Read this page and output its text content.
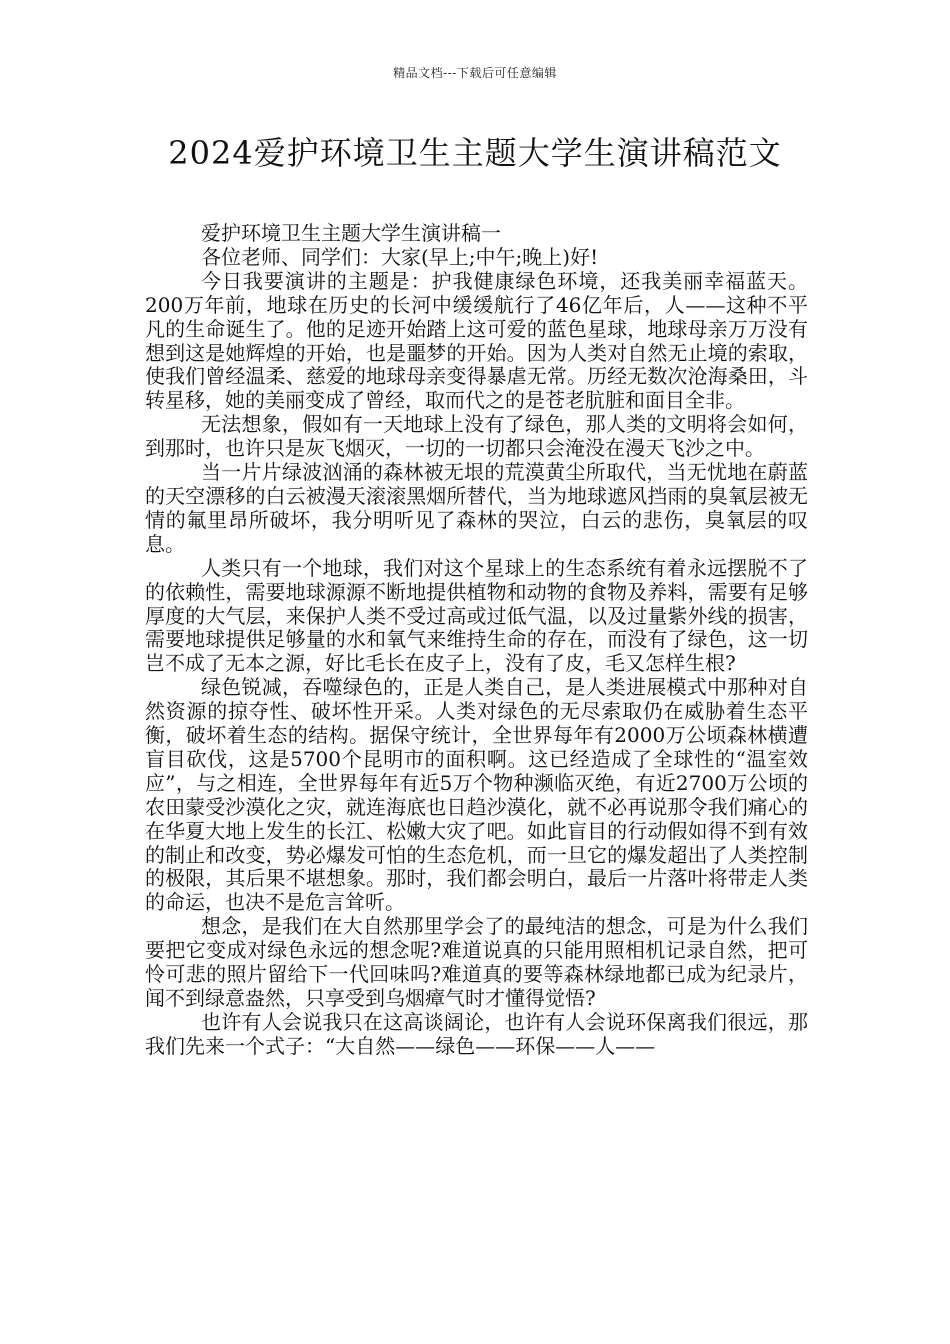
精品文档---下载后可任意编辑
2024爱护环境卫生主题大学生演讲稿范文

爱护环境卫生主题大学生演讲稿一

各位老师、同学们：大家(早上;中午;晚上)好!

今日我要演讲的主题是：护我健康绿色环境，还我美丽幸福蓝天。200万年前，地球在历史的长河中缓缓航行了46亿年后，人——这种不平凡的生命诞生了。他的足迹开始踏上这可爱的蓝色星球，地球母亲万万没有想到这是她辉煌的开始，也是噩梦的开始。因为人类对自然无止境的索取，使我们曾经温柔、慈爱的地球母亲变得暴虐无常。历经无数次沧海桑田，斗转星移，她的美丽变成了曾经，取而代之的是苍老肮脏和面目全非。

无法想象，假如有一天地球上没有了绿色，那人类的文明将会如何，到那时，也许只是灰飞烟灭，一切的一切都只会淹没在漫天飞沙之中。

当一片片绿波汹涌的森林被无垠的荒漠黄尘所取代，当无忧地在蔚蓝的天空漂移的白云被漫天滚滚黑烟所替代，当为地球遮风挡雨的臭氧层被无情的氟里昂所破坏，我分明听见了森林的哭泣，白云的悲伤，臭氧层的叹息。

人类只有一个地球，我们对这个星球上的生态系统有着永远摆脱不了的依赖性，需要地球源源不断地提供植物和动物的食物及养料，需要有足够厚度的大气层，来保护人类不受过高或过低气温，以及过量紫外线的损害，需要地球提供足够量的水和氧气来维持生命的存在，而没有了绿色，这一切岂不成了无本之源，好比毛长在皮子上，没有了皮，毛又怎样生根?

绿色锐减，吞噬绿色的，正是人类自己，是人类进展模式中那种对自然资源的掠夺性、破坏性开采。人类对绿色的无尽索取仍在威胁着生态平衡，破坏着生态的结构。据保守统计，全世界每年有2000万公顷森林横遭盲目砍伐，这是5700个昆明市的面积啊。这已经造成了全球性的“温室效应”，与之相连，全世界每年有近5万个物种濒临灭绝，有近2700万公顷的农田蒙受沙漠化之灾，就连海底也日趋沙漠化，就不必再说那令我们痛心的在华夏大地上发生的长江、松嫩大灾了吧。如此盲目的行动假如得不到有效的制止和改变，势必爆发可怕的生态危机，而一旦它的爆发超出了人类控制的极限，其后果不堪想象。那时，我们都会明白，最后一片落叶将带走人类的命运，也决不是危言耸听。

想念，是我们在大自然那里学会了的最纯洁的想念，可是为什么我们要把它变成对绿色永远的想念呢?难道说真的只能用照相机记录自然，把可怜可悲的照片留给下一代回味吗?难道真的要等森林绿地都已成为纪录片，闻不到绿意盎然，只享受到乌烟瘴气时才懂得觉悟?

也许有人会说我只在这高谈阔论，也许有人会说环保离我们很远，那我们先来一个式子：“大自然——绿色——环保——人——
